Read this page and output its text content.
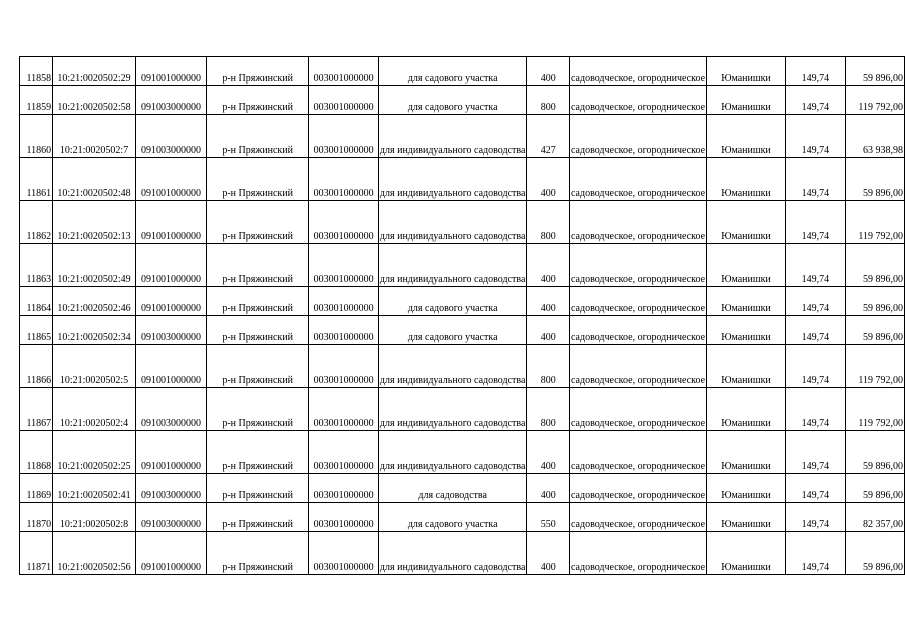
11858	10:21:0020502:29	091001000000	р-н Пряжинский	003001000000	для садового участка	400	садоводческое, огородническое	Юманишки	149,74	59 896,00
11859	10:21:0020502:58	091003000000	р-н Пряжинский	003001000000	для садового участка	800	садоводческое, огородническое	Юманишки	149,74	119 792,00
11860	10:21:0020502:7	091003000000	р-н Пряжинский	003001000000	для индивидуального садоводства	427	садоводческое, огородническое	Юманишки	149,74	63 938,98
11861	10:21:0020502:48	091001000000	р-н Пряжинский	003001000000	для индивидуального садоводства	400	садоводческое, огородническое	Юманишки	149,74	59 896,00
11862	10:21:0020502:13	091001000000	р-н Пряжинский	003001000000	для индивидуального садоводства	800	садоводческое, огородническое	Юманишки	149,74	119 792,00
11863	10:21:0020502:49	091001000000	р-н Пряжинский	003001000000	для индивидуального садоводства	400	садоводческое, огородническое	Юманишки	149,74	59 896,00
11864	10:21:0020502:46	091001000000	р-н Пряжинский	003001000000	для садового участка	400	садоводческое, огородническое	Юманишки	149,74	59 896,00
11865	10:21:0020502:34	091003000000	р-н Пряжинский	003001000000	для садового участка	400	садоводческое, огородническое	Юманишки	149,74	59 896,00
11866	10:21:0020502:5	091001000000	р-н Пряжинский	003001000000	для индивидуального садоводства	800	садоводческое, огородническое	Юманишки	149,74	119 792,00
11867	10:21:0020502:4	091003000000	р-н Пряжинский	003001000000	для индивидуального садоводства	800	садоводческое, огородническое	Юманишки	149,74	119 792,00
11868	10:21:0020502:25	091001000000	р-н Пряжинский	003001000000	для индивидуального садоводства	400	садоводческое, огородническое	Юманишки	149,74	59 896,00
11869	10:21:0020502:41	091003000000	р-н Пряжинский	003001000000	для садоводства	400	садоводческое, огородническое	Юманишки	149,74	59 896,00
11870	10:21:0020502:8	091003000000	р-н Пряжинский	003001000000	для садового участка	550	садоводческое, огородническое	Юманишки	149,74	82 357,00
11871	10:21:0020502:56	091001000000	р-н Пряжинский	003001000000	для индивидуального садоводства	400	садоводческое, огородническое	Юманишки	149,74	59 896,00
